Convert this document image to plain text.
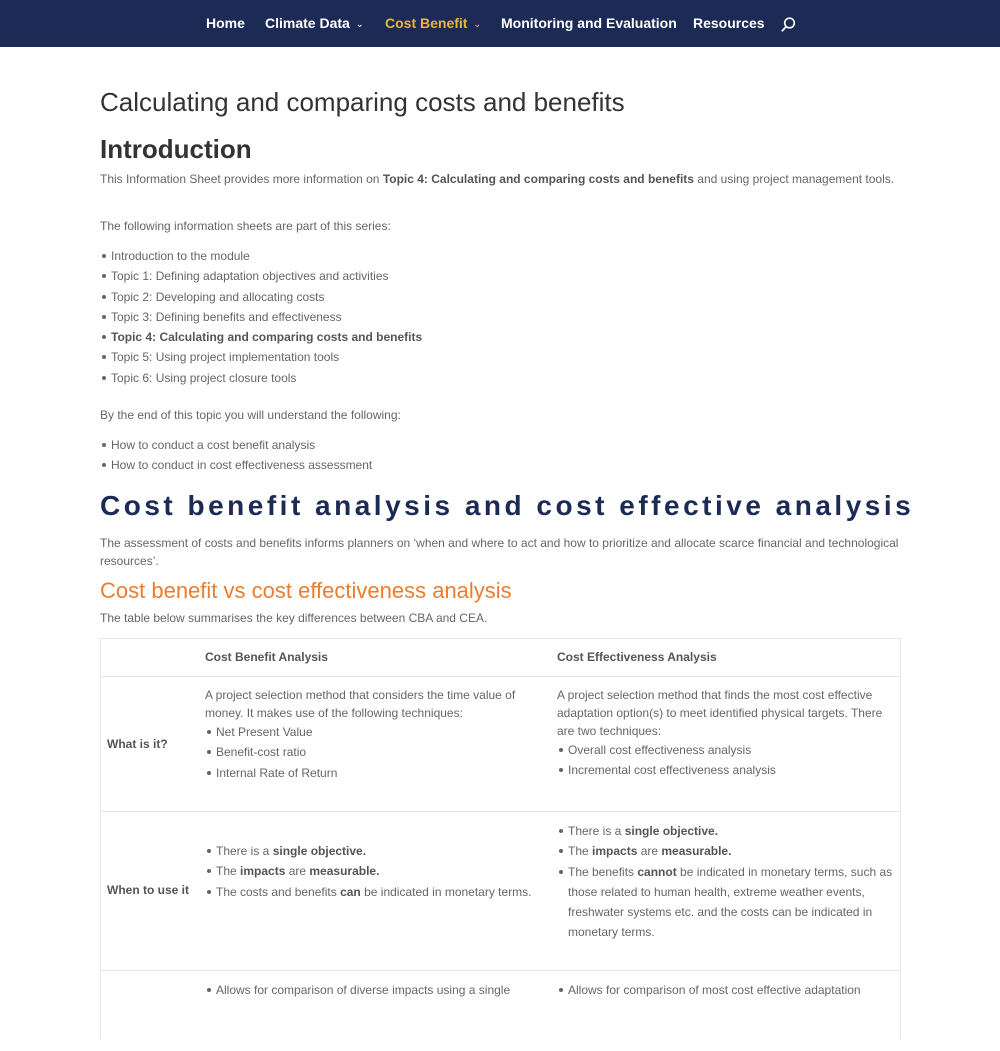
Home Climate Data ⌄ Cost Benefit ⌄ Monitoring and Evaluation Resources
Calculating and comparing costs and benefits
Introduction

This Information Sheet provides more information on Topic 4: Calculating and comparing costs and benefits and using project management tools.

The following information sheets are part of this series:

Introduction to the module
Topic 1: Defining adaptation objectives and activities
Topic 2: Developing and allocating costs
Topic 3: Defining benefits and effectiveness
Topic 4: Calculating and comparing costs and benefits
Topic 5: Using project implementation tools
Topic 6: Using project closure tools

By the end of this topic you will understand the following:

How to conduct a cost benefit analysis
How to conduct in cost effectiveness assessment
Cost benefit analysis and cost effective analysis

The assessment of costs and benefits informs planners on ‘when and where to act and how to prioritize and allocate scarce financial and technological resources’.

Cost benefit vs cost effectiveness analysis

The table below summarises the key differences between CBA and CEA.

Cost Benefit Analysis	Cost Effectiveness Analysis
What is it?
A project selection method that considers the time value of money. It makes use of the following techniques:
Net Present Value
Benefit-cost ratio
Internal Rate of Return
A project selection method that finds the most cost effective adaptation option(s) to meet identified physical targets. There are two techniques:
Overall cost effectiveness analysis
Incremental cost effectiveness analysis
When to use it
There is a single objective.
The impacts are measurable.
The costs and benefits can be indicated in monetary terms.
There is a single objective.
The impacts are measurable.
The benefits cannot be indicated in monetary terms, such as those related to human health, extreme weather events, freshwater systems etc. and the costs can be indicated in monetary terms.
Allows for comparison of diverse impacts using a single	Allows for comparison of most cost effective adaptation
